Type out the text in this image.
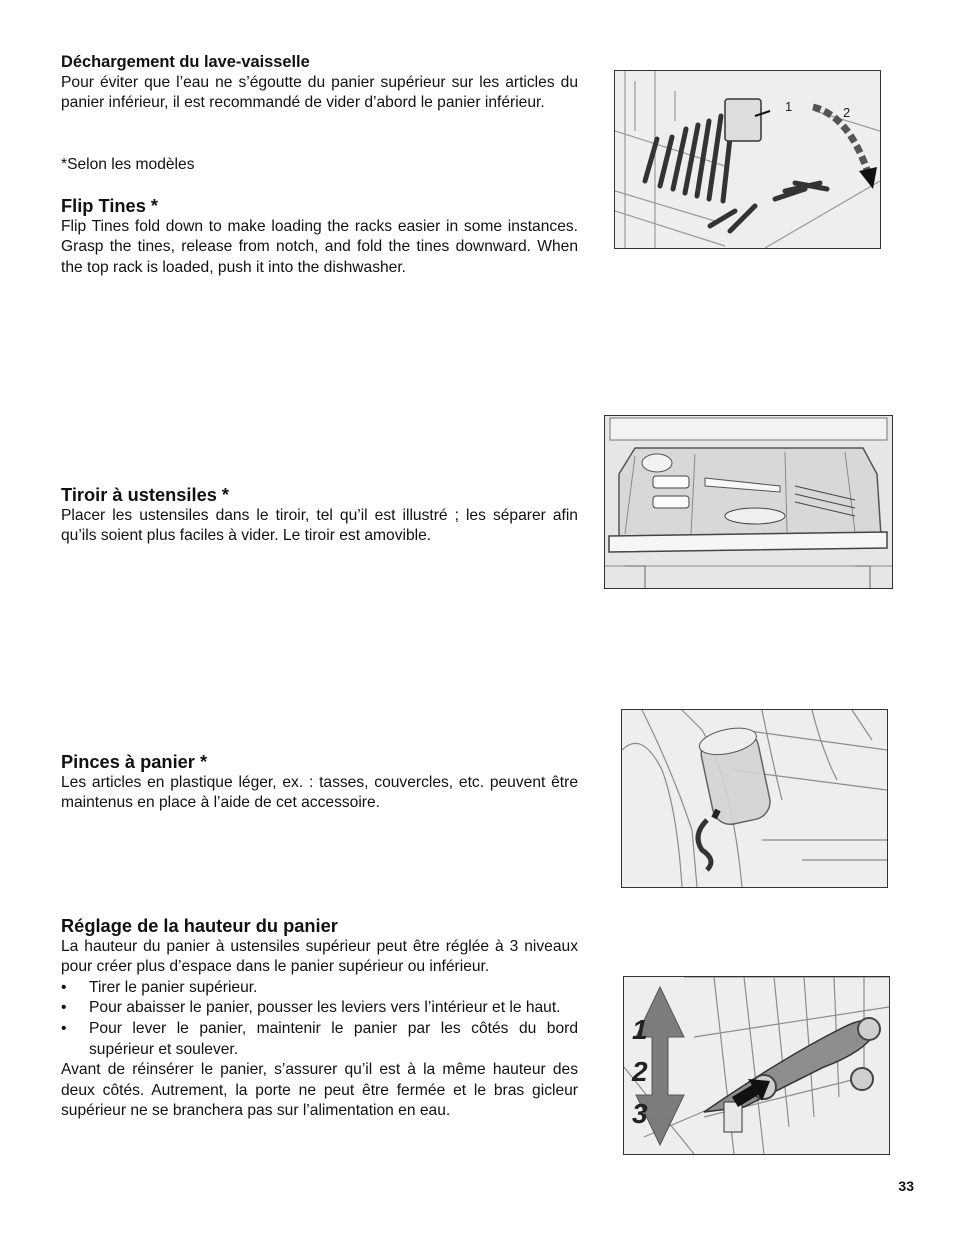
Déchargement du lave-vaisselle

Pour éviter que l’eau ne s’égoutte du panier supérieur sur les articles du panier inférieur, il est recommandé de vider d’abord le panier inférieur.

*Selon les modèles

Flip Tines *

Flip Tines fold down to make loading the racks easier in some instances. Grasp the tines, release from notch, and fold the tines downward. When the top rack is loaded, push it into the dishwasher.

1	2
Tiroir à ustensiles *

Placer les ustensiles dans le tiroir, tel qu’il est illustré ; les séparer afin qu’ils soient plus faciles à vider. Le tiroir est amovible.

Pinces à panier *

Les articles en plastique léger, ex. : tasses, couvercles, etc. peuvent être maintenus en place à l’aide de cet accessoire.

Réglage de la hauteur du panier

La hauteur du panier à ustensiles supérieur peut être réglée à 3 niveaux pour créer plus d’espace dans le panier supérieur ou inférieur.

• Tirer le panier supérieur.
• Pour abaisser le panier, pousser les leviers vers l’intérieur et le haut.
• Pour lever le panier, maintenir le panier par les côtés du bord supérieur et soulever.

Avant de réinsérer le panier, s’assurer qu’il est à la même hauteur des deux côtés. Autrement, la porte ne peut être fermée et le bras gicleur supérieur ne se branchera pas sur l’alimentation en eau.

1
2
3
33
